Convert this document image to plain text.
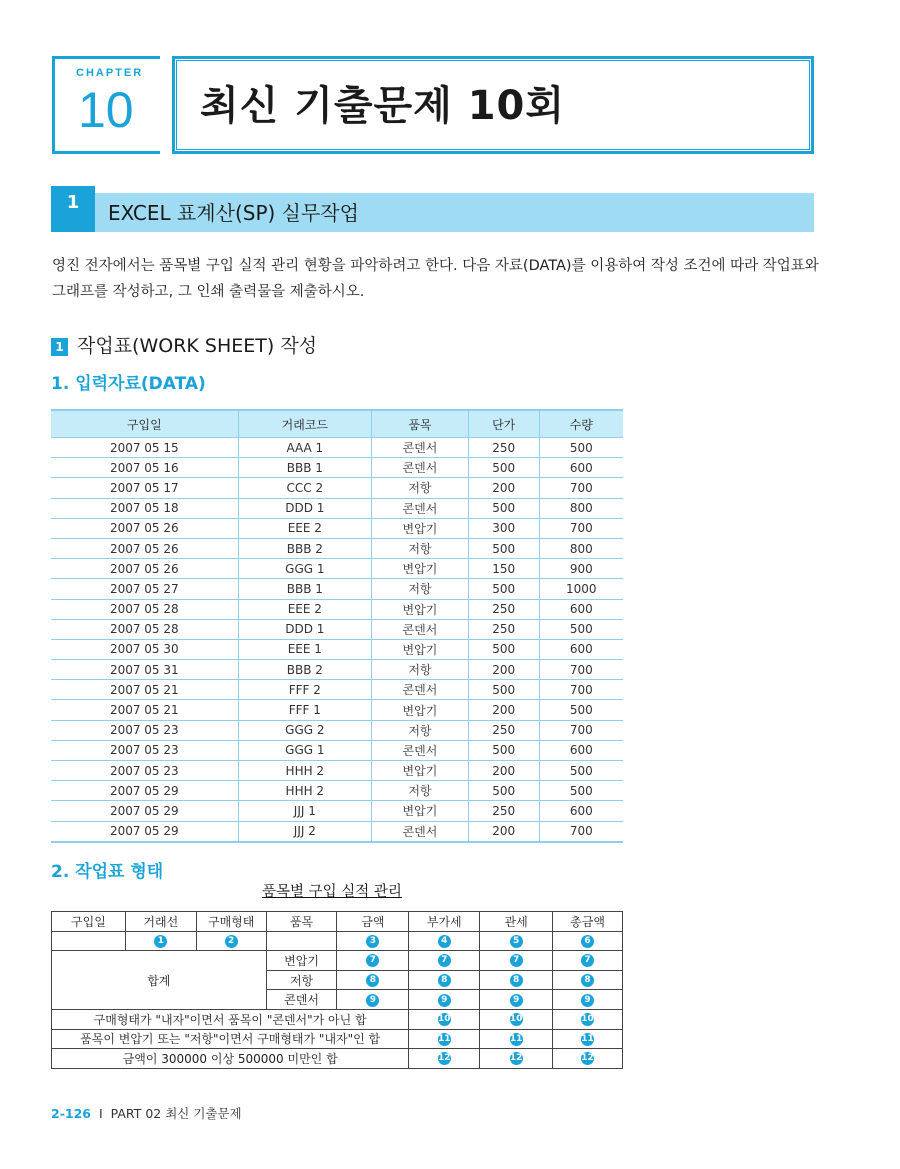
CHAPTER
10 최신 기출문제 10회
1	EXCEL 표계산(SP) 실무작업
영진 전자에서는 품목별 구입 실적 관리 현황을 파악하려고 한다. 다음 자료(DATA)를 이용하여 작성 조건에 따라 작업표와 그래프를 작성하고, 그 인쇄 출력물을 제출하시오.
1 작업표(WORK SHEET) 작성
1. 입력자료(DATA)
구입일	거래코드	품목	단가	수량
2007 05 15	AAA 1	콘덴서	250	500
2007 05 16	BBB 1	콘덴서	500	600
2007 05 17	CCC 2	저항	200	700
2007 05 18	DDD 1	콘덴서	500	800
2007 05 26	EEE 2	변압기	300	700
2007 05 26	BBB 2	저항	500	800
2007 05 26	GGG 1	변압기	150	900
2007 05 27	BBB 1	저항	500	1000
2007 05 28	EEE 2	변압기	250	600
2007 05 28	DDD 1	콘덴서	250	500
2007 05 30	EEE 1	변압기	500	600
2007 05 31	BBB 2	저항	200	700
2007 05 21	FFF 2	콘덴서	500	700
2007 05 21	FFF 1	변압기	200	500
2007 05 23	GGG 2	저항	250	700
2007 05 23	GGG 1	콘덴서	500	600
2007 05 23	HHH 2	변압기	200	500
2007 05 29	HHH 2	저항	500	500
2007 05 29	JJJ 1	변압기	250	600
2007 05 29	JJJ 2	콘덴서	200	700
2. 작업표 형태
품목별 구입 실적 관리
구입일	거래선	구매형태	품목	금액	부가세	관세	총금액
	1	2		3	4	5	6
합계			변압기	7	7	7	7
			저항	8	8	8	8
			콘덴서	9	9	9	9
구매형태가 "내자"이면서 품목이 "콘덴서"가 아닌 합					10	10	10
품목이 변압기 또는 "저항"이면서 구매형태가 "내자"인 합					11	11	11
금액이 300000 이상 500000 미만인 합					12	12	12
2-126 I PART 02 최신 기출문제
